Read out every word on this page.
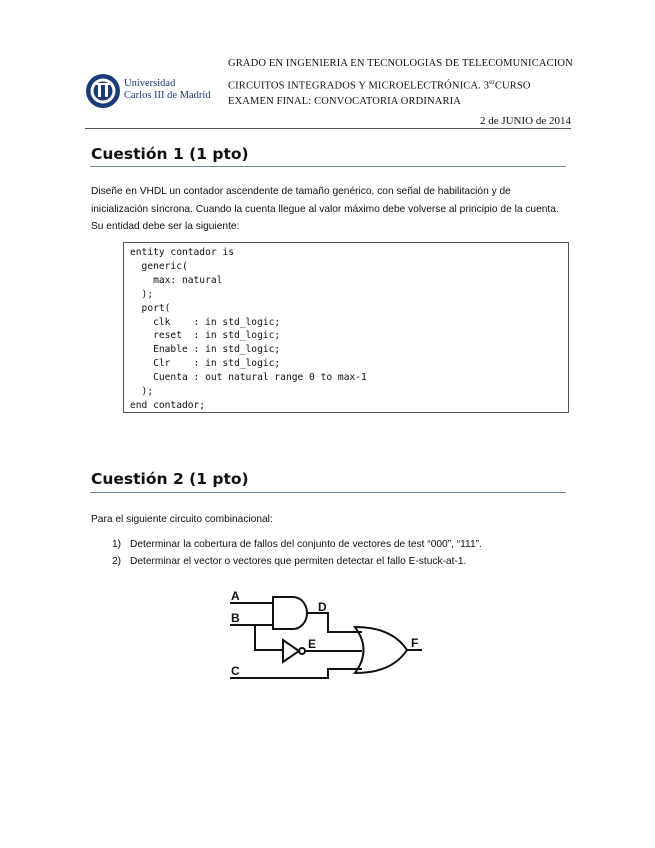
Universidad
Carlos III de Madrid
GRADO EN INGENIERIA EN TECNOLOGIAS DE TELECOMUNICACION
CIRCUITOS INTEGRADOS Y MICROELECTRÓNICA. 3erCURSO
EXAMEN FINAL: CONVOCATORIA ORDINARIA
2 de JUNIO de 2014
Cuestión 1 (1 pto)
Diseñe en VHDL un contador ascendente de tamaño genérico, con señal de habilitación y de inicialización síncrona. Cuando la cuenta llegue al valor máximo debe volverse al principio de la cuenta. Su entidad debe ser la siguiente:
entity contador is
generic(
max: natural
);
port(
clk    : in std_logic;
reset  : in std_logic;
Enable : in std_logic;
Clr    : in std_logic;
Cuenta : out natural range 0 to max-1
);
end contador;
Cuestión 2 (1 pto)
Para el siguiente circuito combinacional:
1) Determinar la cobertura de fallos del conjunto de vectores de test “000”, “111”.
2) Determinar el vector o vectores que permiten detectar el fallo E-stuck-at-1.
A
B
C
D
E	F
